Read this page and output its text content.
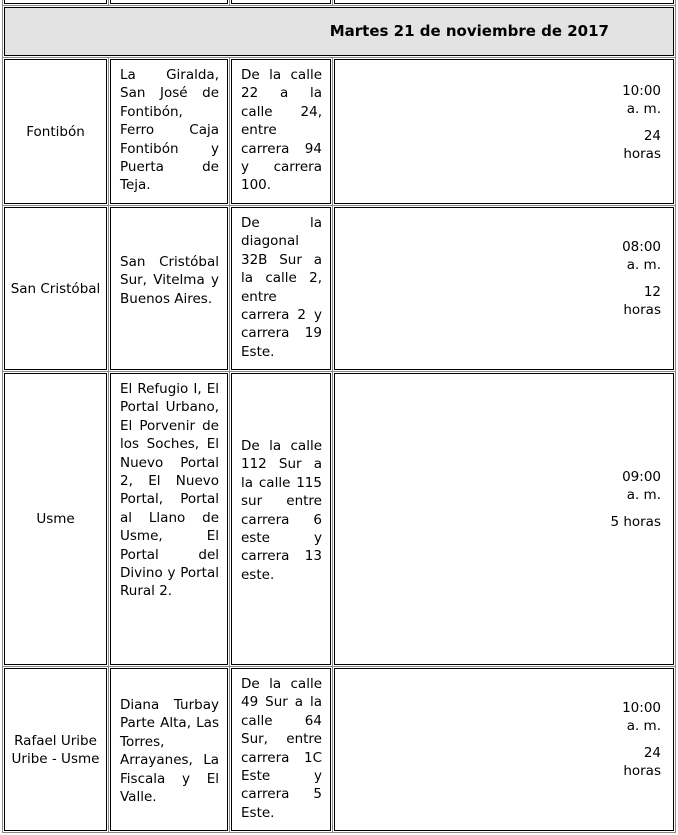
Martes 21 de noviembre de 2017
Fontibón
La Giralda, San José de Fontibón, Ferro Caja Fontibón y Puerta de Teja.
De la calle 22 a la calle 24, entre carrera 94 y carrera 100.

10:00 a. m.

24 horas

San Cristóbal
San Cristóbal Sur, Vitelma y Buenos Aires.
De la diagonal 32B Sur a la calle 2, entre carrera 2 y carrera 19 Este.

08:00 a. m.

12 horas

Usme
El Refugio I, El Portal Urbano, El Porvenir de los Soches, El Nuevo Portal 2, El Nuevo Portal, Portal al Llano de Usme, El Portal del Divino y Portal Rural 2.
De la calle 112 Sur a la calle 115 sur entre carrera 6 este y carrera 13 este.

09:00 a. m.

5 horas

Rafael Uribe Uribe - Usme
Diana Turbay Parte Alta, Las Torres, Arrayanes, La Fiscala y El Valle.
De la calle 49 Sur a la calle 64 Sur, entre carrera 1C Este y carrera 5 Este.

10:00 a. m.

24 horas
